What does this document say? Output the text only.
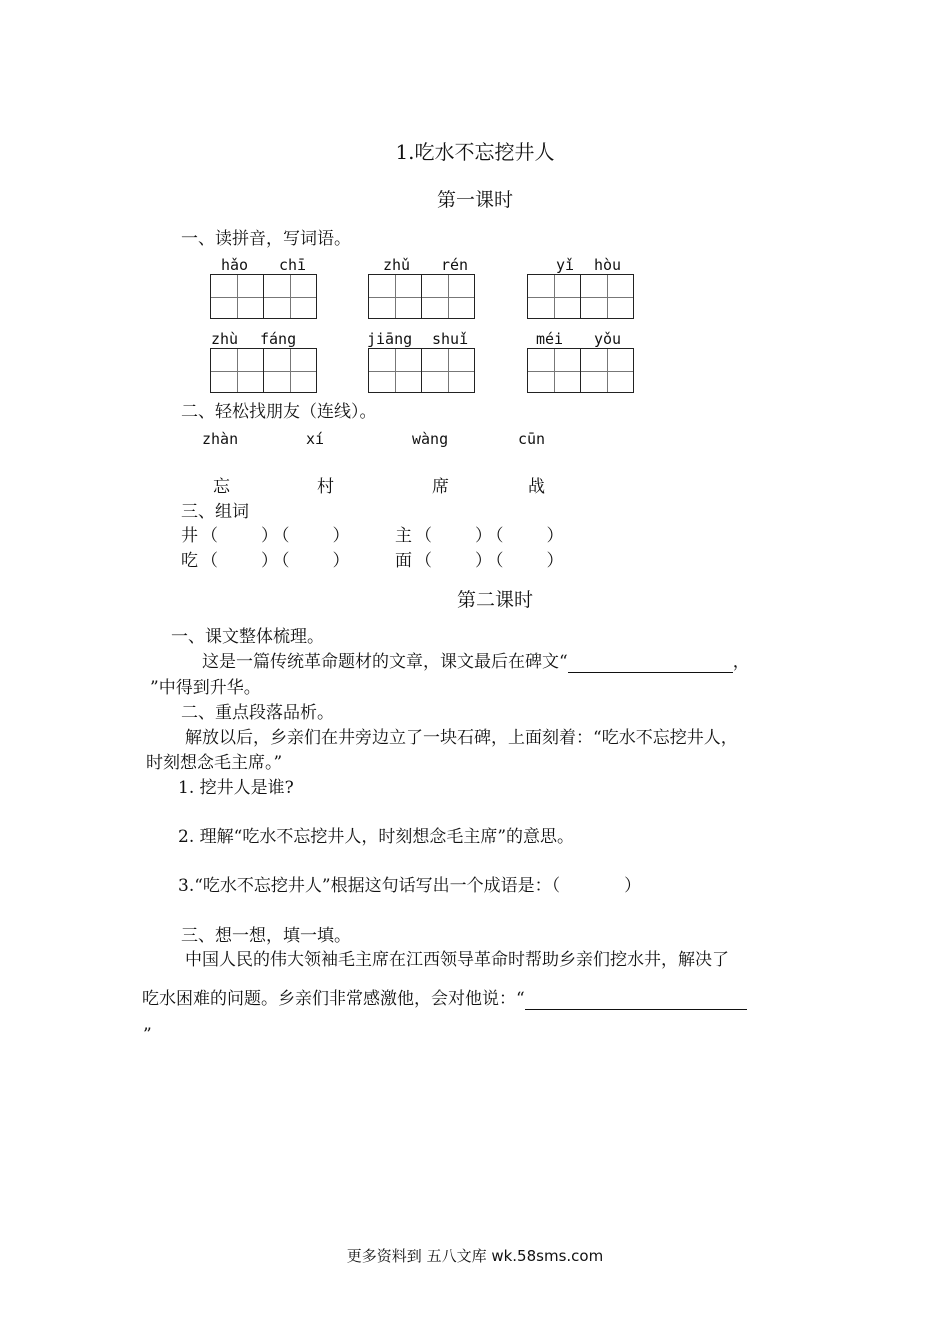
1.吃水不忘挖井人
第一课时
一、读拼音，写词语。
hǎo chī	zhǔ rén	yǐ hòu
zhù fáng	jiāng shuǐ	méi yǒu
二、轻松找朋友（连线）。
zhàn	xí	wàng	cūn
忘	村	席	战
三、组词
井（　　）（　　）	主（　　）（　　）
吃（　　）（　　）	面（　　）（　　）
第二课时
一、课文整体梳理。
这是一篇传统革命题材的文章，课文最后在碑文“	，
”中得到升华。
二、重点段落品析。
解放以后，乡亲们在井旁边立了一块石碑，上面刻着：“吃水不忘挖井人，
时刻想念毛主席。”
1. 挖井人是谁?
2. 理解“吃水不忘挖井人，时刻想念毛主席”的意思。
3.“吃水不忘挖井人”根据这句话写出一个成语是：（	）
三、想一想，填一填。
中国人民的伟大领袖毛主席在江西领导革命时帮助乡亲们挖水井，解决了
吃水困难的问题。乡亲们非常感激他，会对他说：“
”
更多资料到 五八文库 wk.58sms.com
